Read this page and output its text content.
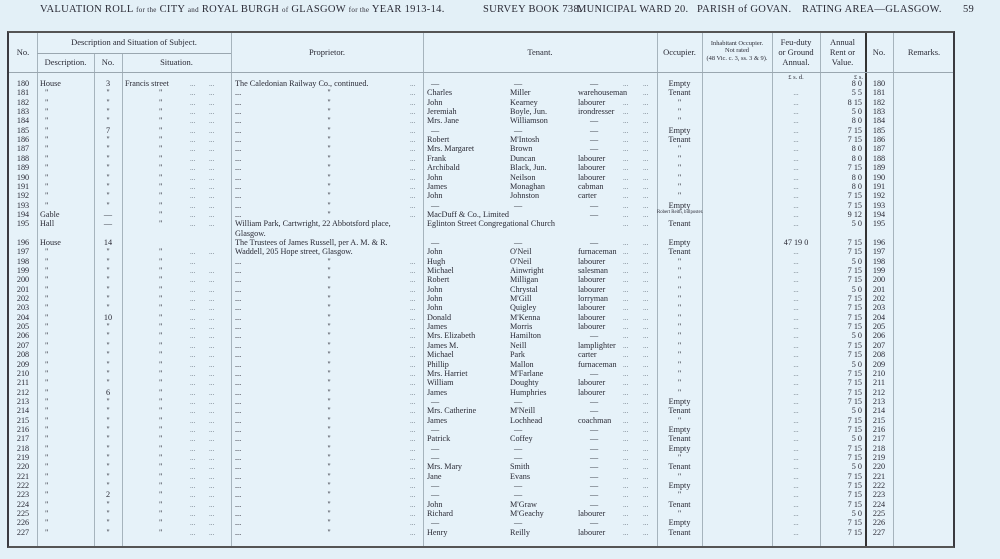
VALUATION ROLL for the CITY and ROYAL BURGH of GLASGOW for the YEAR 1913-14.	SURVEY BOOK 738.
MUNICIPAL WARD 20. PARISH of GOVAN. RATING AREA—GLASGOW. 59
No.
Description and Situation of Subject.
Description.	No.	Situation.
Proprietor.	Tenant.	Occupier.
Inhabitant Occupier.
Not rated
(48 Vic. c. 3, ss. 3 & 9).
Feu-duty
or Ground
Annual.
Annual
Rent or
Value.
No.	Remarks.
£ s. d.	£ s.
180	House	3	Francis street	...	...	The Caledonian Railway Co., continued.	...	—	—	—	...	...	Empty	8 0	180
181	"	"	"	...	...	...	"	...	Charles	Miller	warehouseman	...	Tenant	...	5 5	181
182	"	"	"	...	...	...	"	...	John	Kearney	labourer	...	...	"	...	8 15	182
183	"	"	"	...	...	...	"	...	Jeremiah	Boyle, Jun.	irondresser	...	...	"	...	5 0	183
184	"	"	"	...	...	...	"	...	Mrs. Jane	Williamson	—	...	...	"	...	8 0	184
185	"	7	"	...	...	...	"	...	—	—	—	...	...	Empty	...	7 15	185
186	"	"	"	...	...	...	"	...	Robert	M'Intosh	—	...	...	Tenant	...	7 15	186
187	"	"	"	...	...	...	"	...	Mrs. Margaret	Brown	—	...	...	"	...	8 0	187
188	"	"	"	...	...	...	"	...	Frank	Duncan	labourer	...	...	"	...	8 0	188
189	"	"	"	...	...	...	"	...	Archibald	Black, Jun.	labourer	...	...	"	...	7 15	189
190	"	"	"	...	...	...	"	...	John	Neilson	labourer	...	...	"	...	8 0	190
191	"	"	"	...	...	...	"	...	James	Monaghan	cabman	...	...	"	...	8 0	191
192	"	"	"	...	...	...	"	...	John	Johnston	carter	...	...	"	...	7 15	192
193	"	"	"	...	...	...	"	...	—	—	—	...	...	Empty	...	7 15	193
194	Gable	—	"	...	...	...	"	...	MacDuff & Co., Limited	—	...	...	Robert Reith, billposter.	...	9 12	194
195	Hall	—	"	...	...	William Park, Cartwright, 22 Abbotsford place,	Eglinton Street Congregational Church	...	...	Tenant	...	5 0	195
Glasgow.
196	House	14	The Trustees of James Russell, per A. M. & R.	—	—	—	...	...	Empty	47 19 0	7 15	196
197	"	"	"	...	...	Waddell, 205 Hope street, Glasgow.	John	O'Neil	furnaceman ...	...	Tenant	...	7 15	197
198	"	"	"	...	...	"	...	Hugh	O'Neil	labourer	...	...	"	...	5 0	198
199	"	"	"	...	...	...	"	...	Michael	Ainwright	salesman	...	...	"	...	7 15	199
200	"	"	"	...	...	...	"	...	Robert	Milligan	labourer	...	...	"	...	7 15	200
201	"	"	"	...	...	...	"	...	John	Chrystal	labourer	...	...	"	...	5 0	201
202	"	"	"	...	...	...	"	...	John	M'Gill	lorryman	...	...	"	...	7 15	202
203	"	"	"	...	...	...	"	...	John	Quigley	labourer	...	...	"	...	7 15	203
204	"	10	"	...	...	...	"	...	Donald	M'Kenna	labourer	...	...	"	...	7 15	204
205	"	"	"	...	...	...	"	...	James	Morris	labourer	...	...	"	...	7 15	205
206	"	"	"	...	...	...	"	...	Mrs. Elizabeth	Hamilton	—	...	...	"	...	5 0	206
207	"	"	"	...	...	...	"	...	James M.	Neill	lamplighter	...	...	"	...	7 15	207
208	"	"	"	...	...	...	"	...	Michael	Park	carter	...	...	"	...	7 15	208
209	"	"	"	...	...	...	"	...	Phillip	Mallon	furnaceman ...	...	"	...	5 0	209
210	"	"	"	...	...	...	"	...	Mrs. Harriet	M'Farlane	—	...	...	"	...	7 15	210
211	"	"	"	...	...	...	"	...	William	Doughty	labourer	...	...	"	...	7 15	211
212	"	6	"	...	...	...	"	...	James	Humphries	labourer	...	...	"	...	7 15	212
213	"	"	"	...	...	...	"	...	—	—	—	...	...	Empty	...	7 15	213
214	"	"	"	...	...	...	"	...	Mrs. Catherine	M'Neill	—	...	...	Tenant	...	5 0	214
215	"	"	"	...	...	...	"	...	James	Lochhead	coachman	...	...	"	...	7 15	215
216	"	"	"	...	...	...	"	...	—	—	—	...	...	Empty	...	7 15	216
217	"	"	"	...	...	...	"	...	Patrick	Coffey	—	...	...	Tenant	...	5 0	217
218	"	"	"	...	...	...	"	...	—	—	—	...	...	Empty	...	7 15	218
219	"	"	"	...	...	...	"	...	—	—	—	...	...	"	...	7 15	219
220	"	"	"	...	...	...	"	...	Mrs. Mary	Smith	—	...	...	Tenant	...	5 0	220
221	"	"	"	...	...	...	"	...	Jane	Evans	—	...	...	"	...	7 15	221
222	"	"	"	...	...	...	"	...	—	—	—	...	...	Empty	...	7 15	222
223	"	2	"	...	...	...	"	...	—	—	—	...	...	"	...	7 15	223
224	"	"	"	...	...	...	"	...	John	M'Graw	—	...	...	Tenant	...	7 15	224
225	"	"	"	...	...	...	"	...	Richard	M'Geachy	labourer	...	...	"	...	5 0	225
226	"	"	"	...	...	...	"	...	—	—	—	...	...	Empty	...	7 15	226
227	"	"	"	...	...	...	"	...	Henry	Reilly	labourer	...	...	Tenant	...	7 15	227
